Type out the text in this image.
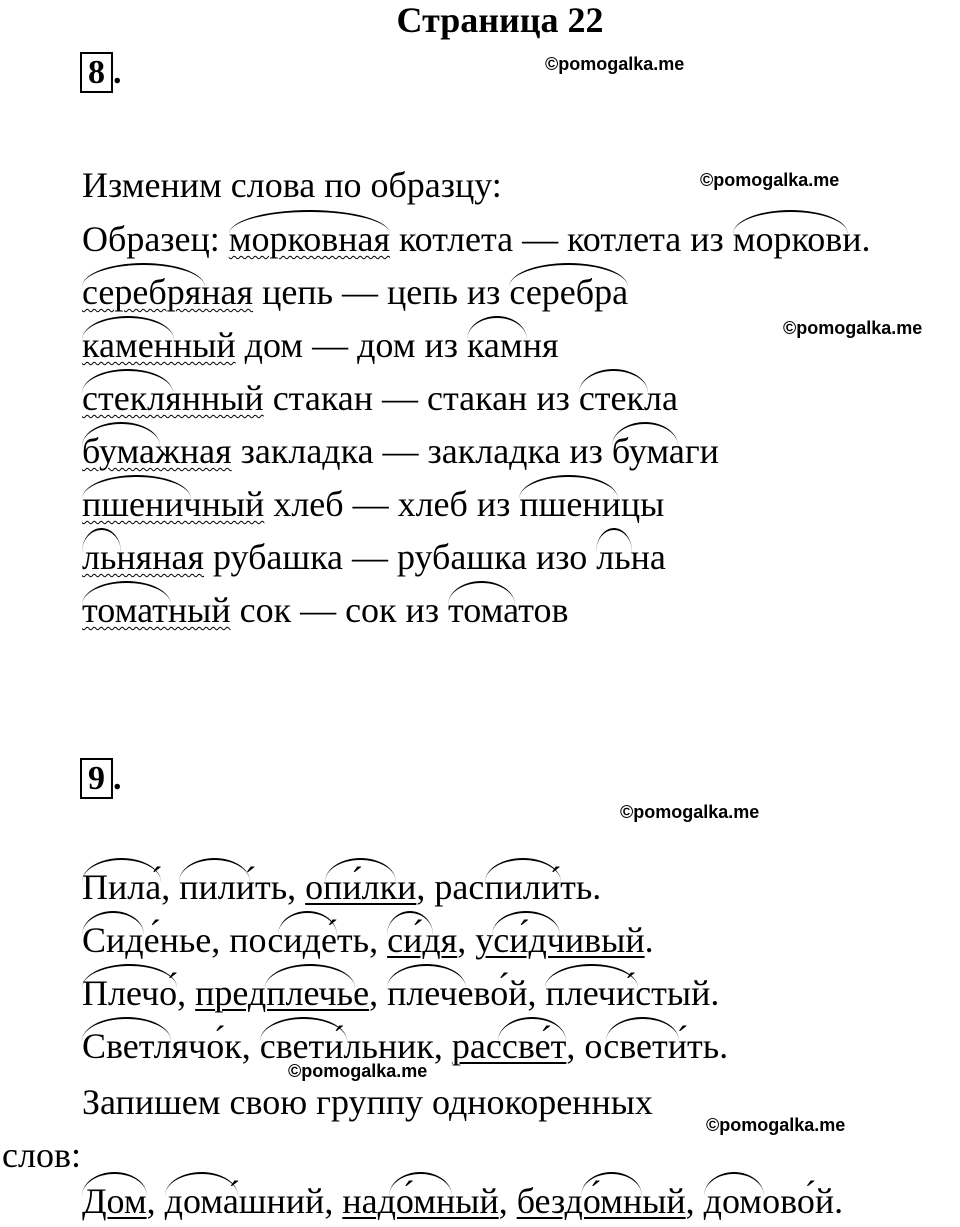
Страница 22
8 .	©pomogalka.me
Изменим слова по образцу:	©pomogalka.me
Образец: морковная котлета — котлета из
моркови.
серебряная цепь — цепь из
серебра
©pomogalka.me
каменный дом — дом из
камня
стеклянный стакан — стакан из
стекла
бумажная закладка — закладка из
бумаги
пшеничный хлеб — хлеб из
пшеницы
льняная рубашка — рубашка изо
льна
томатный сок — сок из
томатов
9 .
©pomogalka.me
Пила́,
пили́ть,
опи́лки,
распили́ть.
Сиде́нье,
посиде́ть,
си́дя,
уси́дчивый.
Плечо́,
предплечье,
плечево́й,
плечи́стый.
Светлячо́к,
свети́льник,
рассве́т,
освети́ть.
©pomogalka.me
Запишем свою группу однокоренных
©pomogalka.me
слов:
Дом,
дома́шний,
надо́мный,
бездо́мный,
домово́й.
